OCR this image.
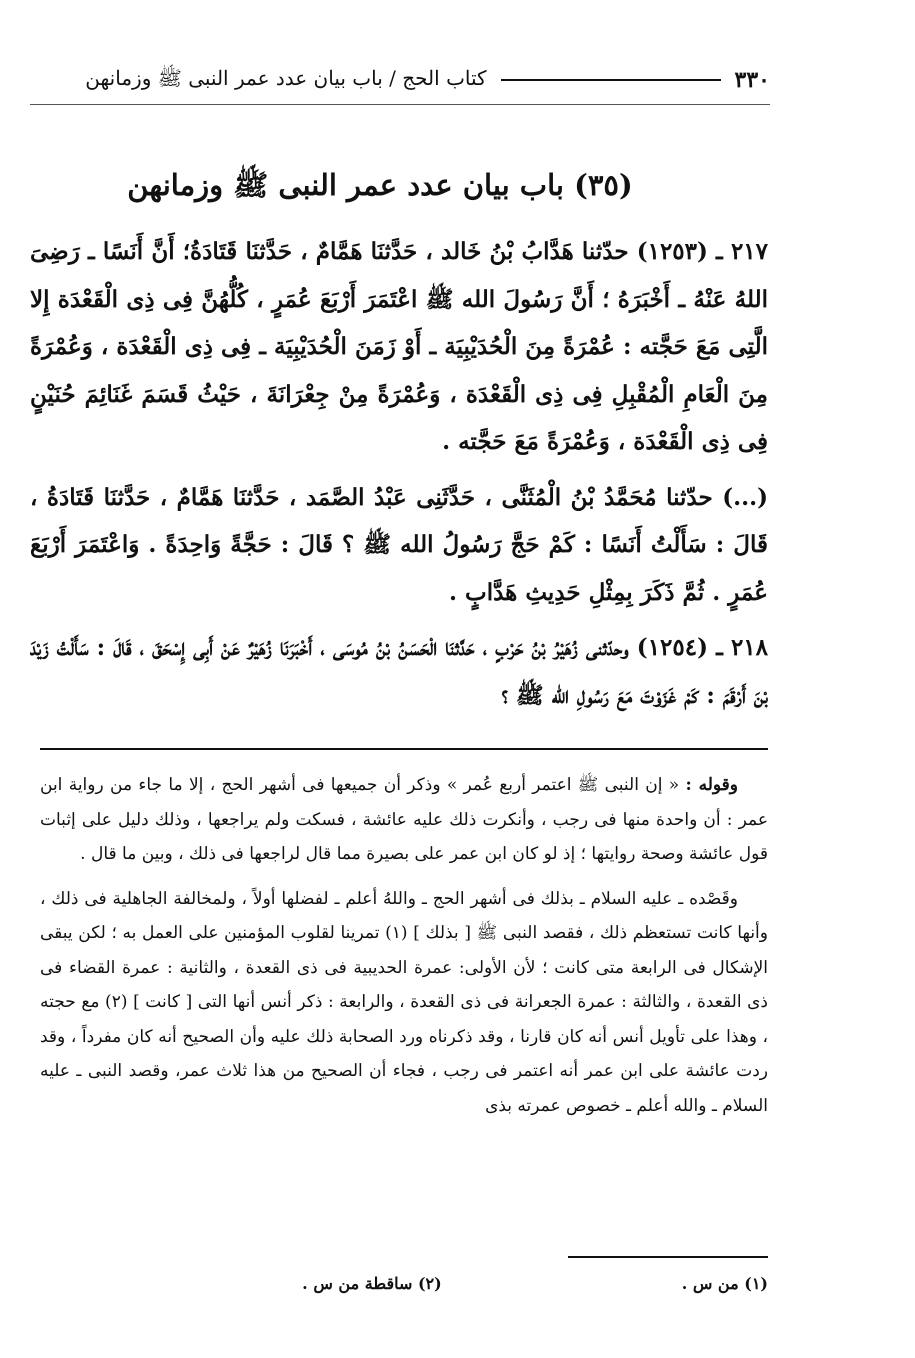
٣٣٠
كتاب الحج / باب بيان عدد عمر النبى ﷺ وزمانهن
(٣٥) باب بيان عدد عمر النبى ﷺ وزمانهن

٢١٧ ـ (١٢٥٣) حدّثنا هَدَّابُ بْنُ خَالد ، حَدَّثنَا هَمَّامٌ ، حَدَّثنَا قَتَادَةُ؛ أَنَّ أَنَسًا ـ رَضِىَ اللهُ عَنْهُ ـ أَخْبَرَهُ ؛ أَنَّ رَسُولَ الله ﷺ اعْتَمَرَ أَرْبَعَ عُمَرٍ ، كُلُّهُنَّ فِى ذِى الْقَعْدَة إِلا الَّتِى مَعَ حَجَّته : عُمْرَةً مِنَ الْحُدَيْبِيَة ـ أَوْ زَمَنَ الْحُدَيْبِيَة ـ فِى ذِى الْقَعْدَة ، وَعُمْرَةً مِنَ الْعَامِ الْمُقْبِلِ فِى ذِى الْقَعْدَة ، وَعُمْرَةً مِنْ جِعْرَانَةَ ، حَيْثُ قَسَمَ غَنَائِمَ حُنَيْنٍ فِى ذِى الْقَعْدَة ، وَعُمْرَةً مَعَ حَجَّته .

(...) حدّثنا مُحَمَّدُ بْنُ الْمُثَنَّى ، حَدَّثَنِى عَبْدُ الصَّمَد ، حَدَّثنَا هَمَّامٌ ، حَدَّثنَا قَتَادَةُ ، قَالَ : سَأَلْتُ أَنَسًا : كَمْ حَجَّ رَسُولُ الله ﷺ ؟ قَالَ : حَجَّةً وَاحِدَةً . وَاعْتَمَرَ أَرْبَعَ عُمَرٍ . ثُمَّ ذَكَرَ بِمِثْلِ حَدِيثِ هَدَّابٍ .

٢١٨ ـ (١٢٥٤) وحدّثنى زُهَيْرُ بْنُ حَرْبٍ ، حَدَّثنَا الْحَسَنُ بْنُ مُوسَى ، أَخْبَرَنَا زُهَيْرٌ عَنْ أَبِى إِسْحَقَ ، قَالَ : سَأَلْتُ زَيْدَ بْنَ أَرْقَمَ : كَمْ غَزَوْتَ مَعَ رَسُولِ الله ﷺ ؟

وقوله : « إن النبى ﷺ اعتمر أربع عُمر » وذكر أن جميعها فى أشهر الحج ، إلا ما جاء من رواية ابن عمر : أن واحدة منها فى رجب ، وأنكرت ذلك عليه عائشة ، فسكت ولم يراجعها ، وذلك دليل على إثبات قول عائشة وصحة روايتها ؛ إذ لو كان ابن عمر على بصيرة مما قال لراجعها فى ذلك ، وبين ما قال .

وقَصْده ـ عليه السلام ـ بذلك فى أشهر الحج ـ واللهُ أعلم ـ لفضلها أولاً ، ولمخالفة الجاهلية فى ذلك ، وأنها كانت تستعظم ذلك ، فقصد النبى ﷺ [ بذلك ] (١) تمرينا لقلوب المؤمنين على العمل به ؛ لكن يبقى الإشكال فى الرابعة متى كانت ؛ لأن الأولى: عمرة الحديبية فى ذى القعدة ، والثانية : عمرة القضاء فى ذى القعدة ، والثالثة : عمرة الجعرانة فى ذى القعدة ، والرابعة : ذكر أنس أنها التى [ كانت ] (٢) مع حجته ، وهذا على تأويل أنس أنه كان قارنا ، وقد ذكرناه ورد الصحابة ذلك عليه وأن الصحيح أنه كان مفرداً ، وقد ردت عائشة على ابن عمر أنه اعتمر فى رجب ، فجاء أن الصحيح من هذا ثلاث عمر، وقصد النبى ـ عليه السلام ـ والله أعلم ـ خصوص عمرته بذى

(١) من س .
(٢) ساقطة من س .
